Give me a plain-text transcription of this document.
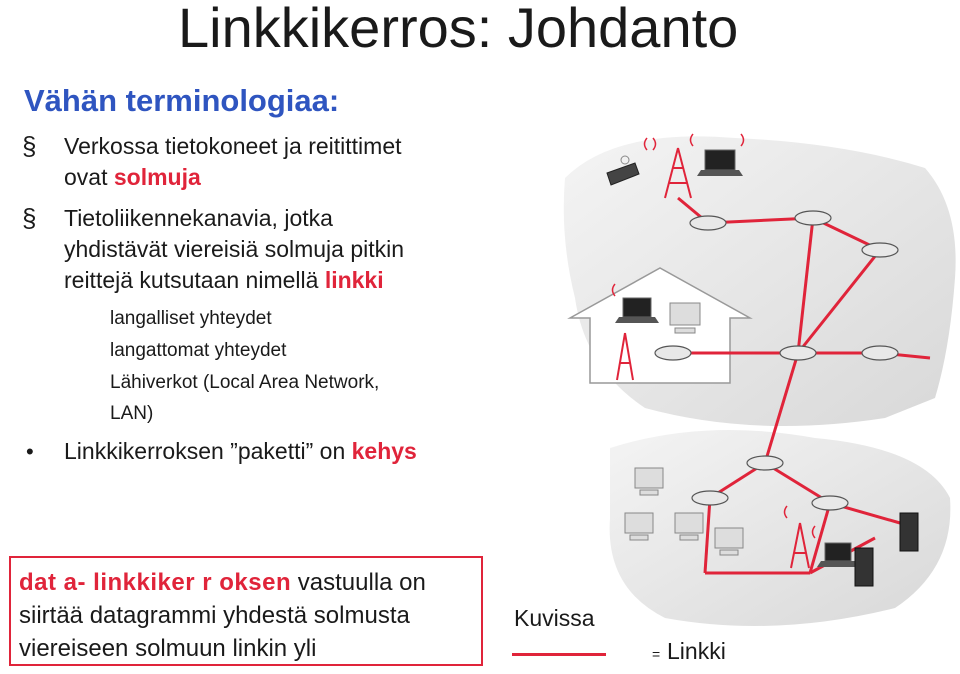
Linkkikerros: Johdanto
Vähän terminologiaa:
§ Verkossa tietokoneet ja reitittimet
ovat solmuja
§ Tietoliikennekanavia, jotka
yhdistävät viereisiä solmuja pitkin
reittejä kutsutaan nimellä linkki
langalliset yhteydet
langattomat yhteydet
Lähiverkot (Local Area Network,
LAN)
• Linkkikerroksen ”paketti” on kehys
dat a- linkkiker r oksen vastuulla on
siirtää datagrammi yhdestä solmusta
viereiseen solmuun linkin yli
Kuvissa
= Linkki
